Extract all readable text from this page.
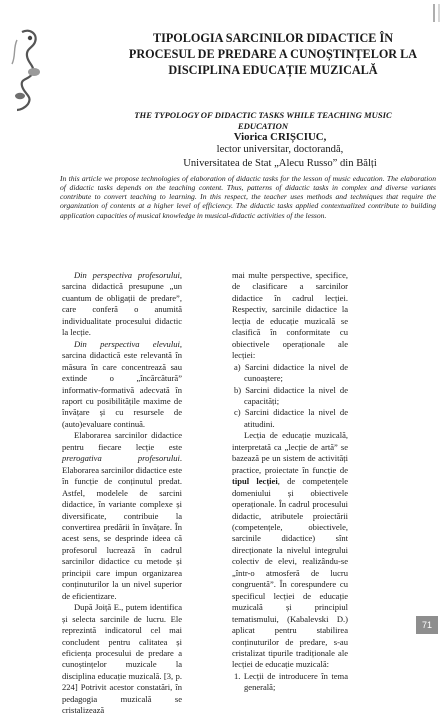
TIPOLOGIA SARCINILOR DIDACTICE ÎN PROCESUL DE PREDARE A CUNOȘTINȚELOR LA DISCIPLINA EDUCAȚIE MUZICALĂ
THE TYPOLOGY OF DIDACTIC TASKS WHILE TEACHING MUSIC EDUCATION
Viorica CRIȘCIUC,
lector universitar, doctorandă,
Universitatea de Stat „Alecu Russo” din Bălți
In this article we propose technologies of elaboration of didactic tasks for the lesson of music education. The elaboration of didactic tasks depends on the teaching content. Thus, patterns of didactic tasks in complex and diverse variants contribute to convert teaching to learning. In this respect, the teacher uses methods and techniques that require the organization of contents at a higher level of efficiency. The didactic tasks applied contextualized contribute to building application capacities of musical knowledge in musical-didactic activities of the lesson.

Din perspectiva profesorului, sarcina didactică presupune „un cuantum de obligații de predare”, care conferă o anumită individualitate procesului didactic la lecție.

Din perspectiva elevului, sarcina didactică este relevantă în măsura în care concentrează sau extinde o „încărcătură” informativ-formativă adecvată în raport cu posibilitățile maxime de învățare și cu resursele de (auto)evaluare continuă.

Elaborarea sarcinilor didactice pentru fiecare lecție este prerogativa profesorului. Elaborarea sarcinilor didactice este în funcție de conținutul predat. Astfel, modelele de sarcini didactice, în variante complexe și diversificate, contribuie la convertirea predării în învățare. În acest sens, se desprinde ideea că profesorul lucrează în cadrul sarcinilor didactice cu metode și principii care impun organizarea conținuturilor la un nivel superior de eficientizare.

După Joiță E., putem identifica și selecta sarcinile de lucru. Ele reprezintă indicatorul cel mai concludent pentru calitatea și eficiența procesului de predare a cunoștințelor muzicale la disciplina educație muzicală. [3, p. 224] Potrivit acestor constatări, în pedagogia muzicală se cristalizează

mai multe perspective, specifice, de clasificare a sarcinilor didactice în cadrul lecției. Respectiv, sarcinile didactice la lecția de educație muzicală se clasifică în conformitate cu obiectivele operaționale ale lecției:

a) Sarcini didactice la nivel de cunoaștere;

b) Sarcini didactice la nivel de capacități;

c) Sarcini didactice la nivel de atitudini.

Lecția de educație muzicală, interpretată ca „lecție de artă” se bazează pe un sistem de activități practice, proiectate în funcție de tipul lecției, de competențele domeniului și obiectivele operaționale. În cadrul procesului didactic, atributele proiectării (competențele, obiectivele, sarcinile didactice) sînt direcționate la nivelul integrului colectiv de elevi, realizându-se „într-o atmosferă de lucru congruentă”. În corespundere cu specificul lecției de educație muzicală și principiul tematismului, (Kabalevski D.) aplicat pentru stabilirea conținuturilor de predare, s-au cristalizat tipurile tradiționale ale lecției de educație muzicală:

1. Lecții de introducere în tema generală;

71
